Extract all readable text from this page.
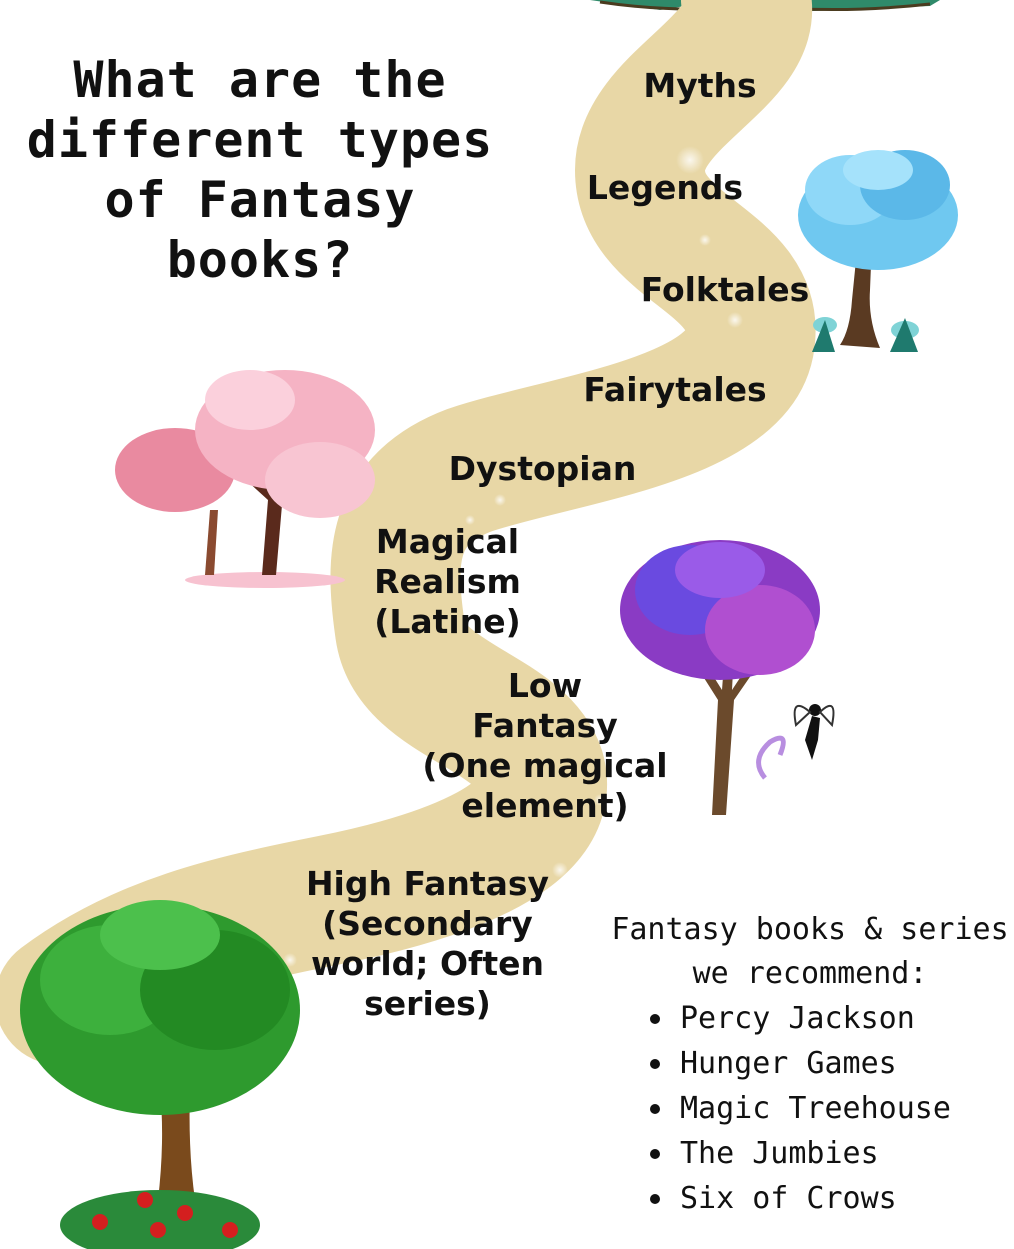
What are the different types of Fantasy books?
Myths
Legends
Folktales
Fairytales
Dystopian
Magical
Realism
(Latine)
Low
Fantasy
(One magical
element)
High Fantasy
(Secondary
world; Often
series)
Fantasy books & series
we recommend:
Percy Jackson
Hunger Games
Magic Treehouse
The Jumbies
Six of Crows
